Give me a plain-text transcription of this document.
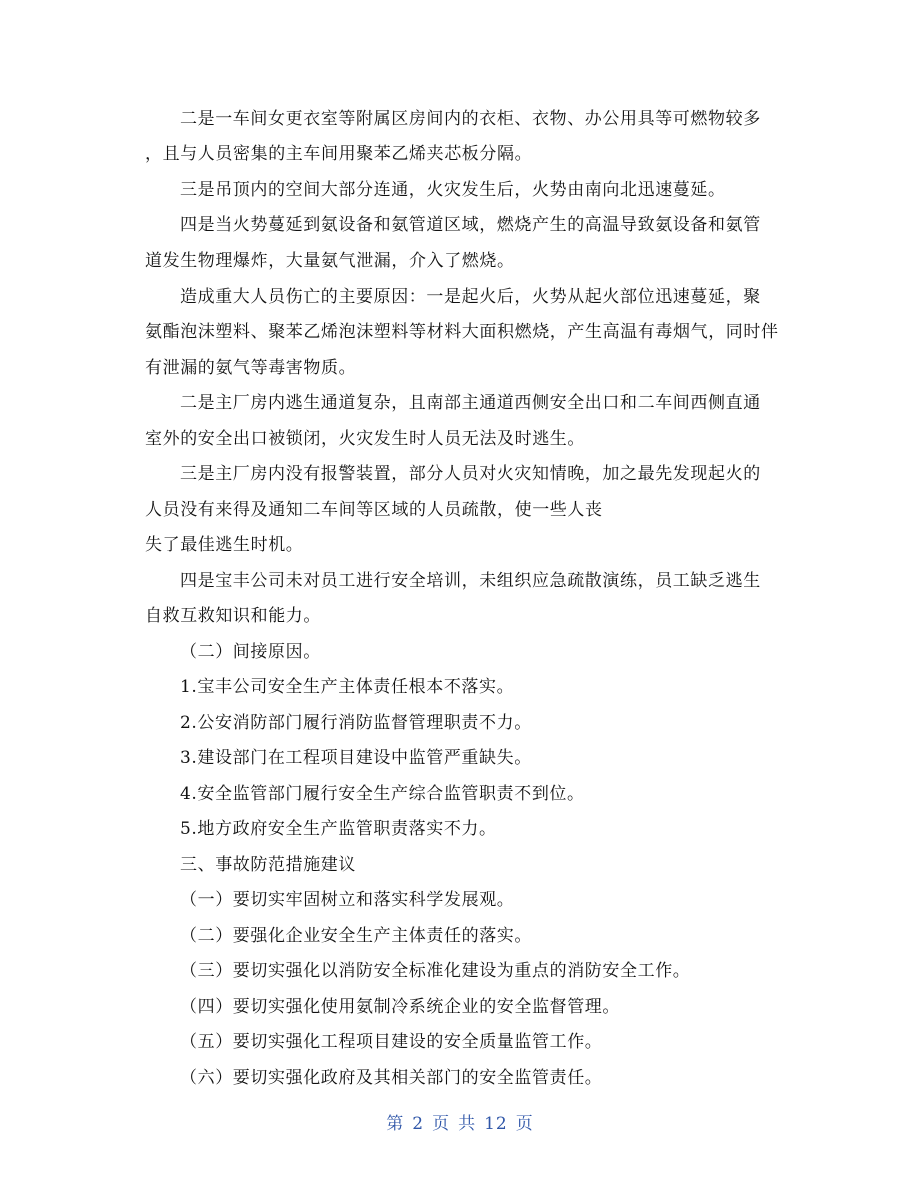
二是一车间女更衣室等附属区房间内的衣柜、衣物、办公用具等可燃物较多
，且与人员密集的主车间用聚苯乙烯夹芯板分隔。
三是吊顶内的空间大部分连通，火灾发生后，火势由南向北迅速蔓延。
四是当火势蔓延到氨设备和氨管道区域，燃烧产生的高温导致氨设备和氨管
道发生物理爆炸，大量氨气泄漏，介入了燃烧。
造成重大人员伤亡的主要原因：一是起火后，火势从起火部位迅速蔓延，聚
氨酯泡沫塑料、聚苯乙烯泡沫塑料等材料大面积燃烧，产生高温有毒烟气，同时伴
有泄漏的氨气等毒害物质。
二是主厂房内逃生通道复杂，且南部主通道西侧安全出口和二车间西侧直通
室外的安全出口被锁闭，火灾发生时人员无法及时逃生。
三是主厂房内没有报警装置，部分人员对火灾知情晚，加之最先发现起火的
人员没有来得及通知二车间等区域的人员疏散，使一些人丧
失了最佳逃生时机。
四是宝丰公司未对员工进行安全培训，未组织应急疏散演练，员工缺乏逃生
自救互救知识和能力。
（二）间接原因。
1.宝丰公司安全生产主体责任根本不落实。
2.公安消防部门履行消防监督管理职责不力。
3.建设部门在工程项目建设中监管严重缺失。
4.安全监管部门履行安全生产综合监管职责不到位。
5.地方政府安全生产监管职责落实不力。
三、事故防范措施建议
（一）要切实牢固树立和落实科学发展观。
（二）要强化企业安全生产主体责任的落实。
（三）要切实强化以消防安全标准化建设为重点的消防安全工作。
（四）要切实强化使用氨制冷系统企业的安全监督管理。
（五）要切实强化工程项目建设的安全质量监管工作。
（六）要切实强化政府及其相关部门的安全监管责任。
第 2 页 共 12 页
